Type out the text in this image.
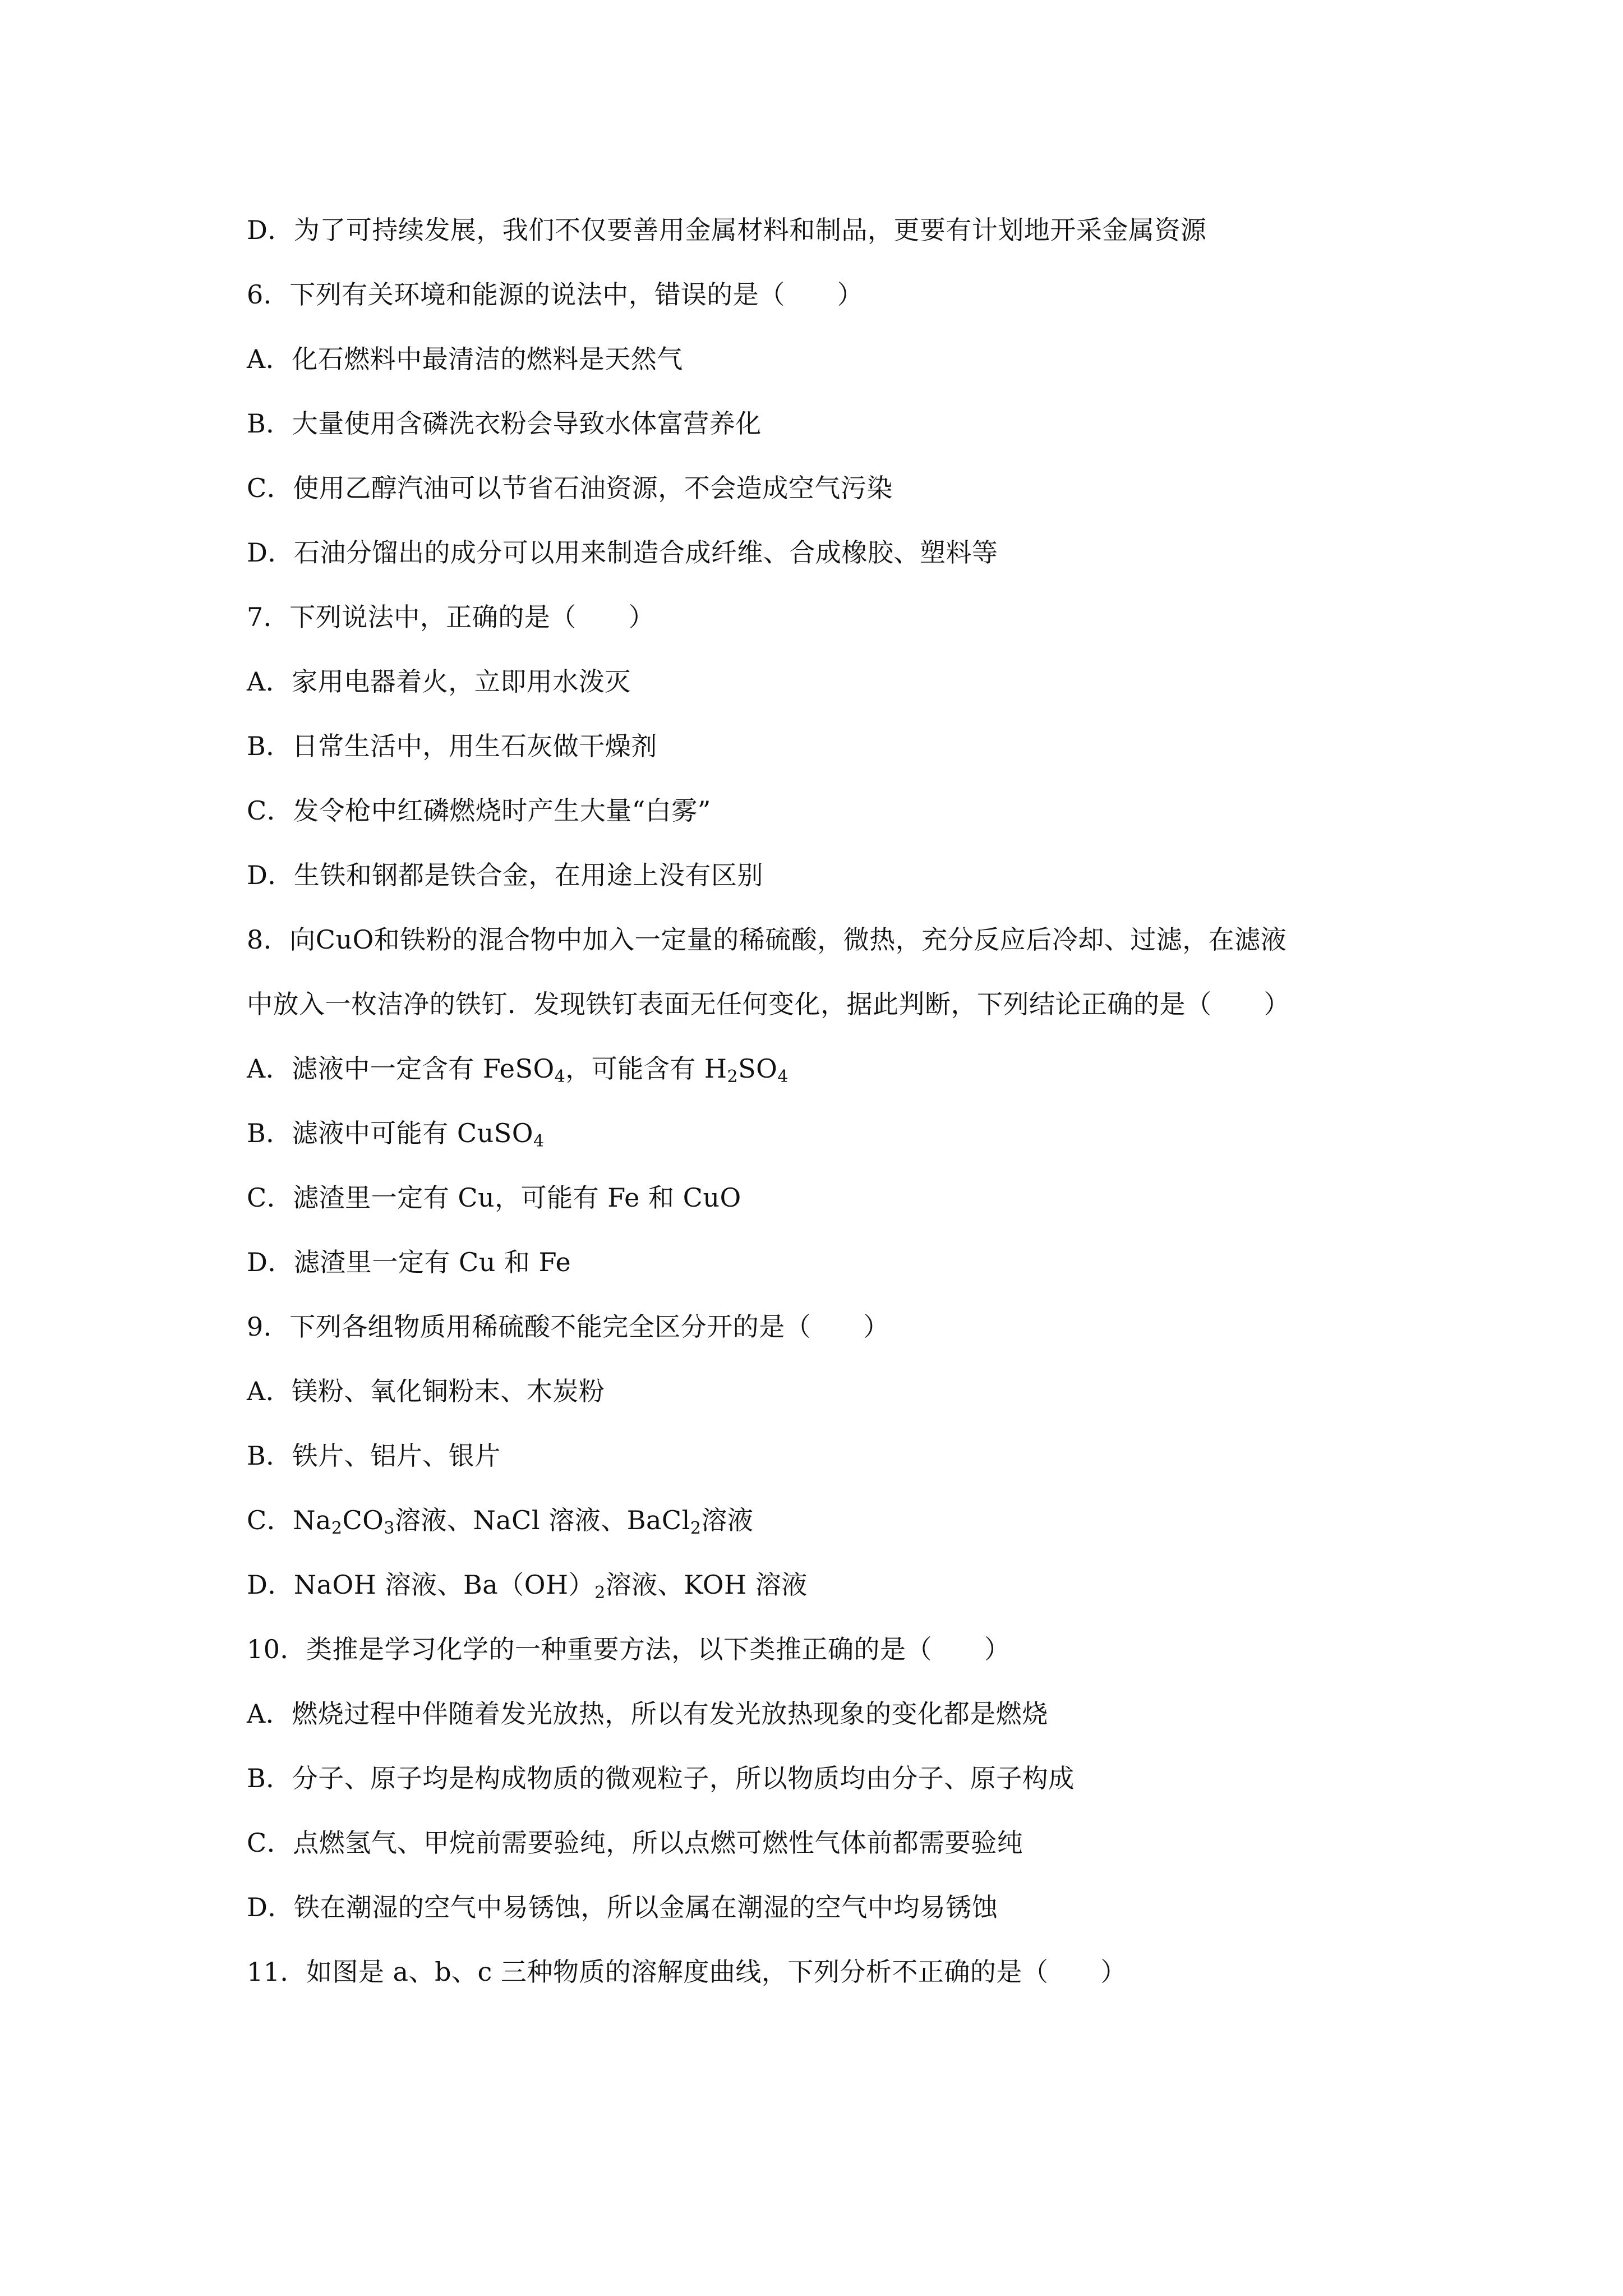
D．为了可持续发展，我们不仅要善用金属材料和制品，更要有计划地开采金属资源
6．下列有关环境和能源的说法中，错误的是（　　）
A．化石燃料中最清洁的燃料是天然气
B．大量使用含磷洗衣粉会导致水体富营养化
C．使用乙醇汽油可以节省石油资源，不会造成空气污染
D．石油分馏出的成分可以用来制造合成纤维、合成橡胶、塑料等
7．下列说法中，正确的是（　　）
A．家用电器着火，立即用水泼灭
B．日常生活中，用生石灰做干燥剂
C．发令枪中红磷燃烧时产生大量“白雾”
D．生铁和钢都是铁合金，在用途上没有区别
8．向CuO和铁粉的混合物中加入一定量的稀硫酸，微热，充分反应后冷却、过滤，在滤液
中放入一枚洁净的铁钉．发现铁钉表面无任何变化，据此判断，下列结论正确的是（　　）
A．滤液中一定含有 FeSO$_4$，可能含有 $H_2SO_4$
B．滤液中可能有 CuSO$_4$
C．滤渣里一定有 Cu，可能有 Fe 和 CuO
D．滤渣里一定有 Cu 和 Fe
9．下列各组物质用稀硫酸不能完全区分开的是（　　）
A．镁粉、氧化铜粉末、木炭粉
B．铁片、铝片、银片
C．$Na_2CO_3$溶液、NaCl 溶液、BaCl$_2$溶液
D．NaOH 溶液、$Ba(OH)_2$溶液、KOH 溶液
10．类推是学习化学的一种重要方法，以下类推正确的是（　　）
A．燃烧过程中伴随着发光放热，所以有发光放热现象的变化都是燃烧
B．分子、原子均是构成物质的微观粒子，所以物质均由分子、原子构成
C．点燃氢气、甲烷前需要验纯，所以点燃可燃性气体前都需要验纯
D．铁在潮湿的空气中易锈蚀，所以金属在潮湿的空气中均易锈蚀
11．如图是 a、b、c 三种物质的溶解度曲线，下列分析不正确的是（　　）
